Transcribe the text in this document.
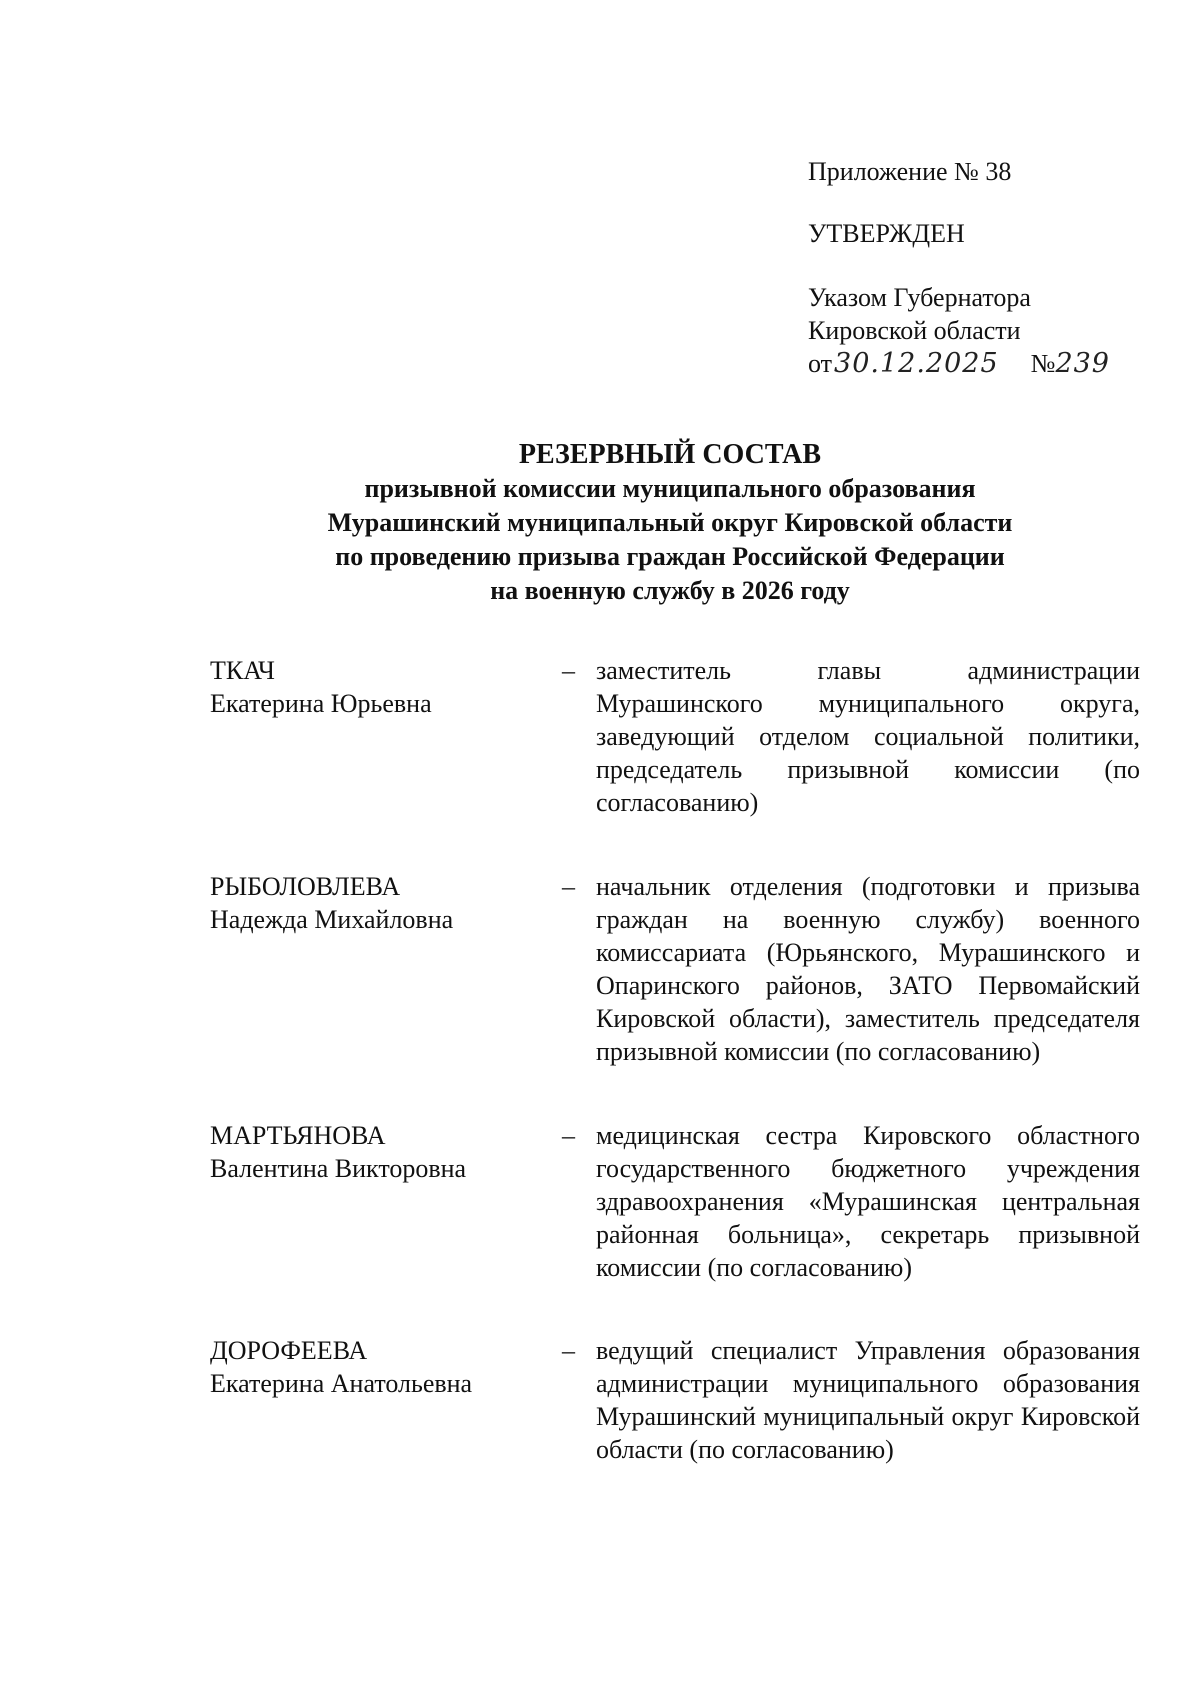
Приложение № 38
УТВЕРЖДЕН
Указом Губернатора
Кировской области
от30.12.2025 №239
РЕЗЕРВНЫЙ СОСТАВ
призывной комиссии муниципального образования
Мурашинский муниципальный округ Кировской области
по проведению призыва граждан Российской Федерации
на военную службу в 2026 году
ТКАЧ
Екатерина Юрьевна
– заместитель главы администрации Мурашинского муниципального округа, заведующий отделом социальной политики, председатель призывной комиссии (по согласованию)
РЫБОЛОВЛЕВА
Надежда Михайловна
– начальник отделения (подготовки и призыва граждан на военную службу) военного комиссариата (Юрьянского, Мурашинского и Опаринского районов, ЗАТО Первомайский Кировской области), заместитель председателя призывной комиссии (по согласованию)
МАРТЬЯНОВА
Валентина Викторовна
– медицинская сестра Кировского областного государственного бюджетного учреждения здравоохранения «Мурашинская центральная районная больница», секретарь призывной комиссии (по согласованию)
ДОРОФЕЕВА
Екатерина Анатольевна
– ведущий специалист Управления образования администрации муниципального образования Мурашинский муниципальный округ Кировской области (по согласованию)
